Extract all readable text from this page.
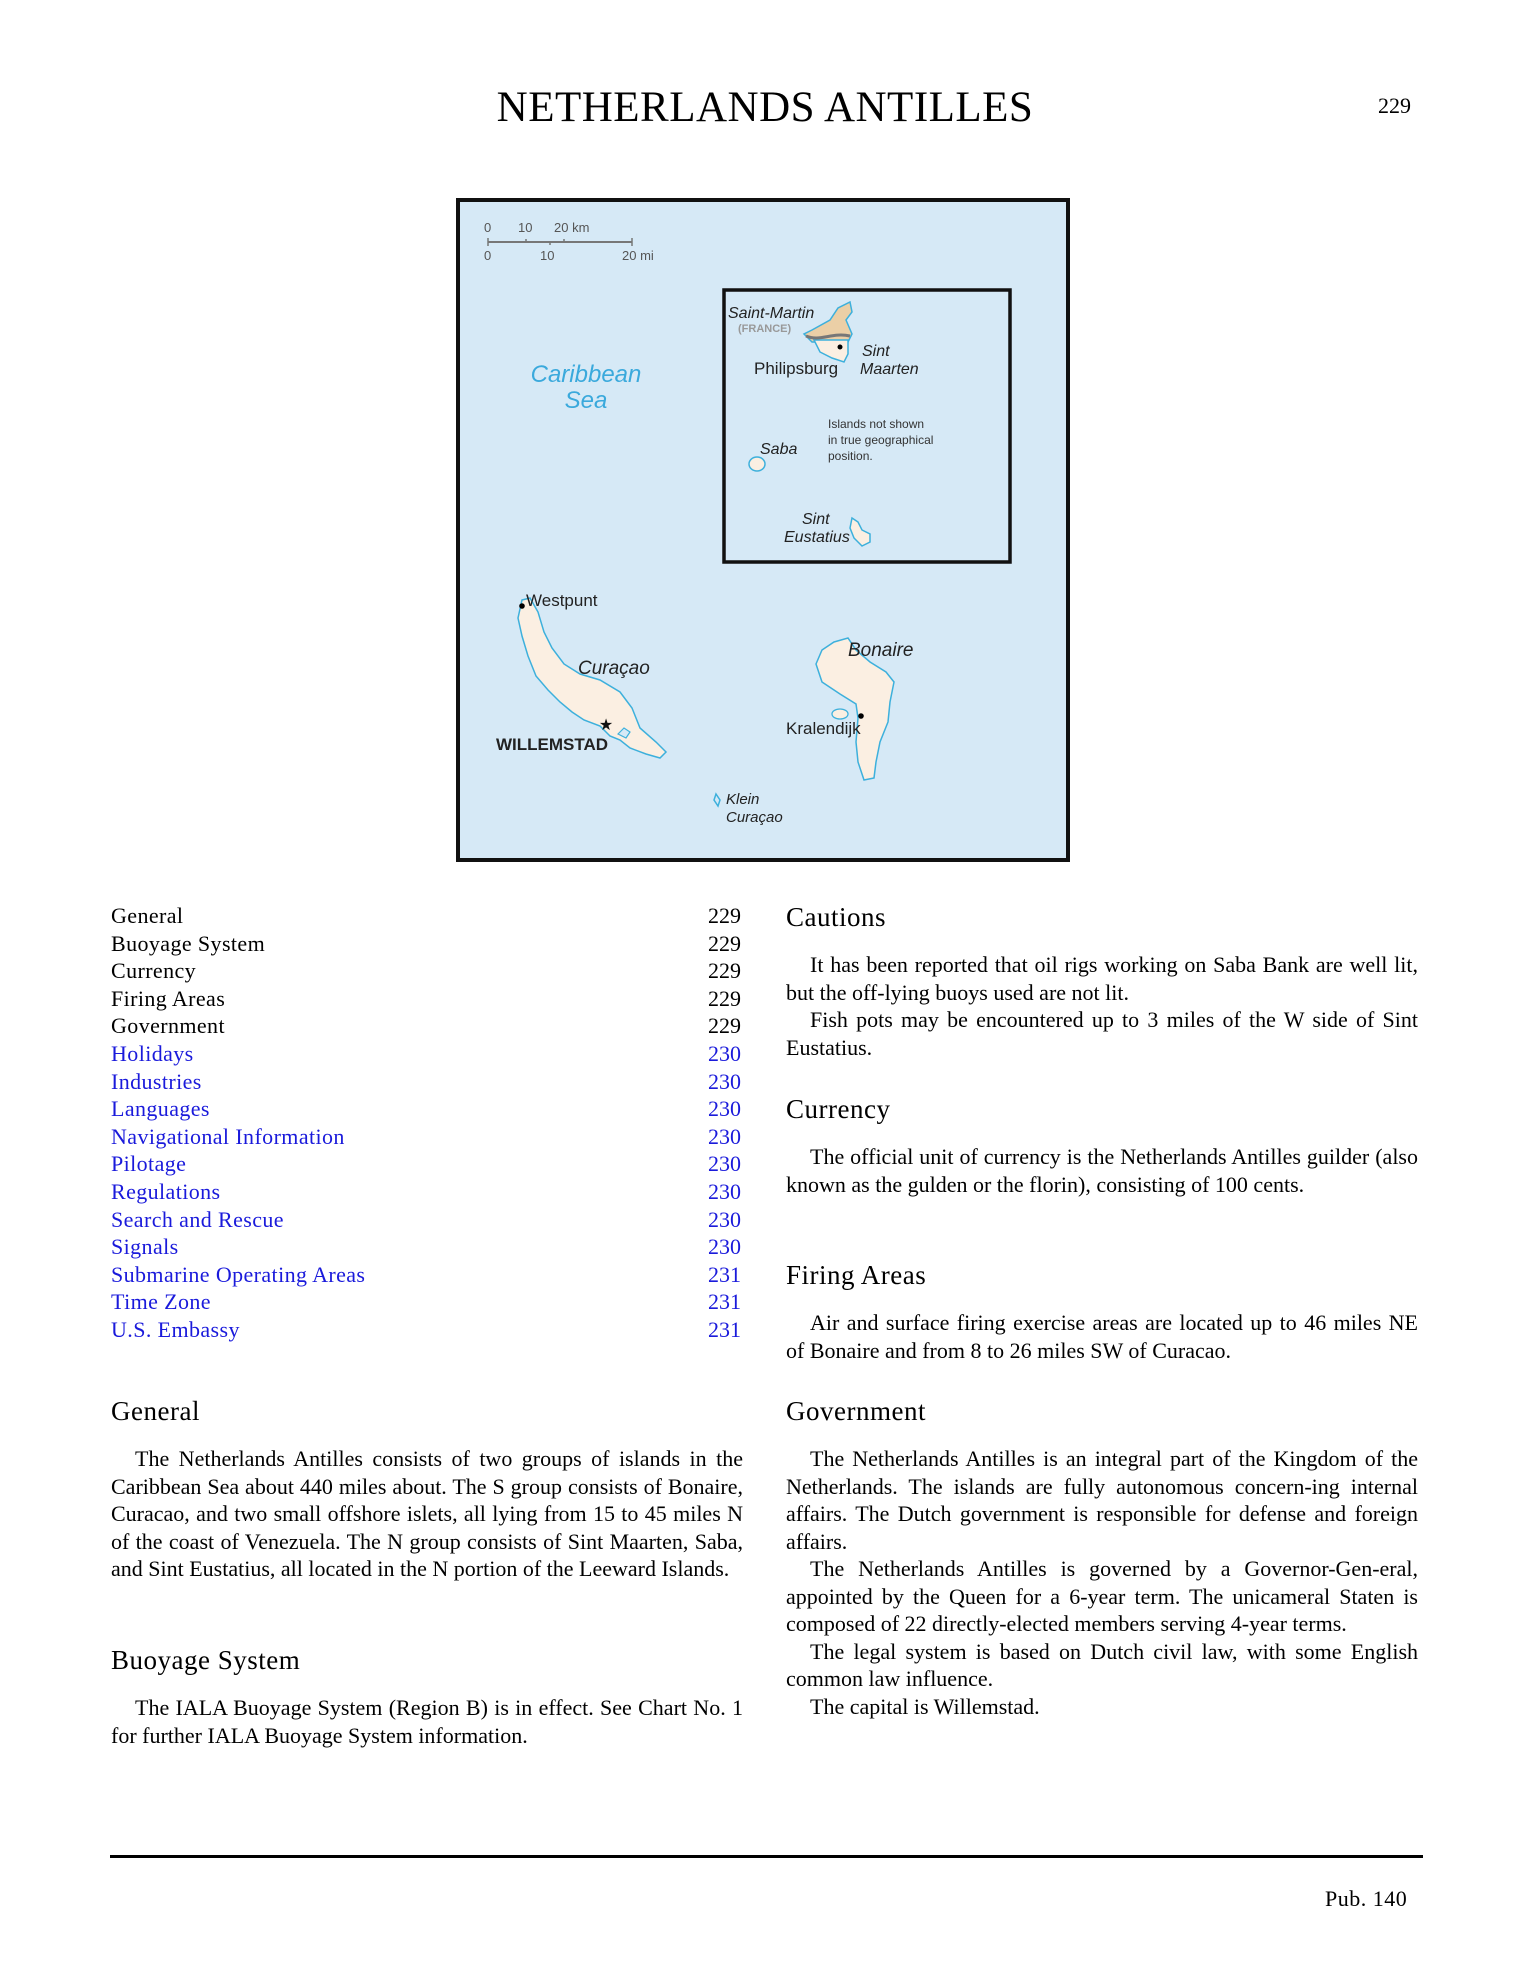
NETHERLANDS ANTILLES	229
0 10 20 km
0	10	20 mi
Caribbean
Sea
Saint-Martin
(FRANCE)
Philipsburg
Sint
Maarten
Saba
Islands not shown
in true geographical
position.
Sint
Eustatius
★
Westpunt
Curaçao
WILLEMSTAD
Bonaire
Kralendijk
Klein
Curaçao
General	229
Buoyage System	229
Currency	229
Firing Areas	229
Government	229
Holidays	230
Industries	230
Languages	230
Navigational Information	230
Pilotage	230
Regulations	230
Search and Rescue	230
Signals	230
Submarine Operating Areas	231
Time Zone	231
U.S. Embassy	231
General

The Netherlands Antilles consists of two groups of islands in the Caribbean Sea about 440 miles about. The S group consists of Bonaire, Curacao, and two small offshore islets, all lying from 15 to 45 miles N of the coast of Venezuela. The N group consists of Sint Maarten, Saba, and Sint Eustatius, all located in the N portion of the Leeward Islands.

Buoyage System

The IALA Buoyage System (Region B) is in effect. See Chart No. 1 for further IALA Buoyage System information.

Cautions

It has been reported that oil rigs working on Saba Bank are well lit, but the off-lying buoys used are not lit.

Fish pots may be encountered up to 3 miles of the W side of Sint Eustatius.

Currency

The official unit of currency is the Netherlands Antilles guilder (also known as the gulden or the florin), consisting of 100 cents.

Firing Areas

Air and surface firing exercise areas are located up to 46 miles NE of Bonaire and from 8 to 26 miles SW of Curacao.

Government

The Netherlands Antilles is an integral part of the Kingdom of the Netherlands. The islands are fully autonomous concern-ing internal affairs. The Dutch government is responsible for defense and foreign affairs.

The Netherlands Antilles is governed by a Governor-Gen-eral, appointed by the Queen for a 6-year term. The unicameral Staten is composed of 22 directly-elected members serving 4-year terms.

The legal system is based on Dutch civil law, with some English common law influence.

The capital is Willemstad.

Pub. 140
